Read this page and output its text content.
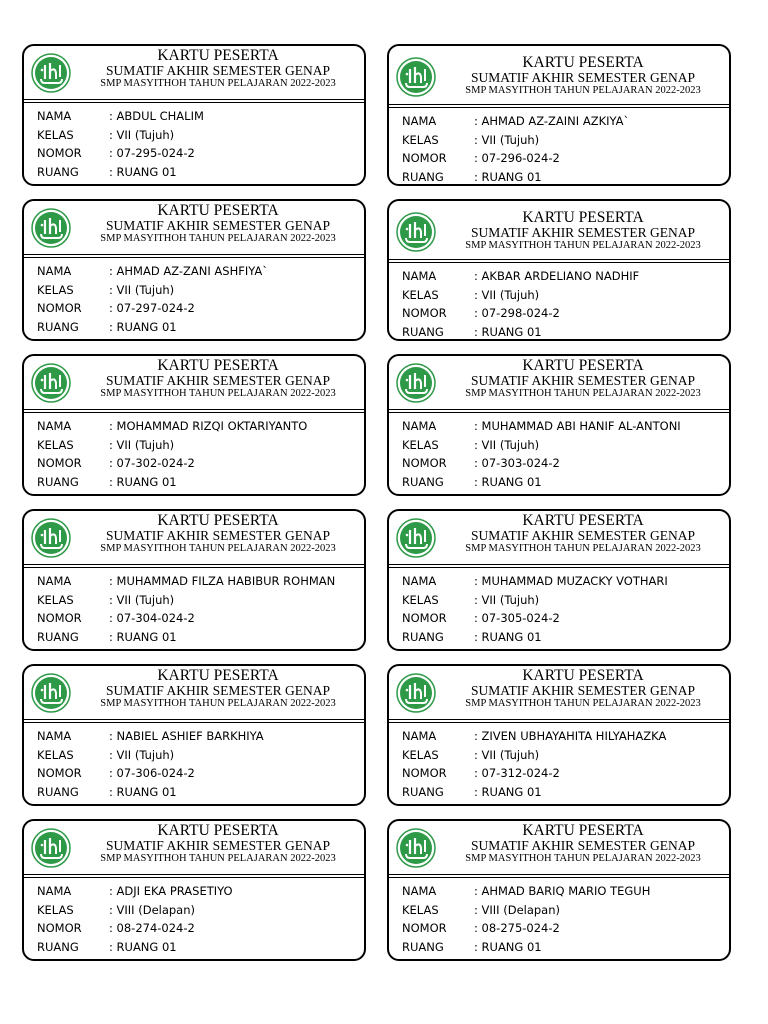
KARTU PESERTA
SUMATIF AKHIR SEMESTER GENAP
SMP MASYITHOH TAHUN PELAJARAN 2022-2023
NAMA	: ABDUL CHALIM
KELAS	: VII (Tujuh)
NOMOR : 07-295-024-2
RUANG	: RUANG 01
KARTU PESERTA
SUMATIF AKHIR SEMESTER GENAP
SMP MASYITHOH TAHUN PELAJARAN 2022-2023
NAMA	: AHMAD AZ-ZAINI AZKIYA`
KELAS	: VII (Tujuh)
NOMOR : 07-296-024-2
RUANG	: RUANG 01
KARTU PESERTA
SUMATIF AKHIR SEMESTER GENAP
SMP MASYITHOH TAHUN PELAJARAN 2022-2023
NAMA	: AHMAD AZ-ZANI ASHFIYA`
KELAS	: VII (Tujuh)
NOMOR : 07-297-024-2
RUANG	: RUANG 01
KARTU PESERTA
SUMATIF AKHIR SEMESTER GENAP
SMP MASYITHOH TAHUN PELAJARAN 2022-2023
NAMA	: AKBAR ARDELIANO NADHIF
KELAS	: VII (Tujuh)
NOMOR : 07-298-024-2
RUANG	: RUANG 01
KARTU PESERTA
SUMATIF AKHIR SEMESTER GENAP
SMP MASYITHOH TAHUN PELAJARAN 2022-2023
NAMA	: MOHAMMAD RIZQI OKTARIYANTO
KELAS	: VII (Tujuh)
NOMOR : 07-302-024-2
RUANG	: RUANG 01
KARTU PESERTA
SUMATIF AKHIR SEMESTER GENAP
SMP MASYITHOH TAHUN PELAJARAN 2022-2023
NAMA	: MUHAMMAD ABI HANIF AL-ANTONI
KELAS	: VII (Tujuh)
NOMOR : 07-303-024-2
RUANG	: RUANG 01
KARTU PESERTA
SUMATIF AKHIR SEMESTER GENAP
SMP MASYITHOH TAHUN PELAJARAN 2022-2023
NAMA	: MUHAMMAD FILZA HABIBUR ROHMAN
KELAS	: VII (Tujuh)
NOMOR : 07-304-024-2
RUANG	: RUANG 01
KARTU PESERTA
SUMATIF AKHIR SEMESTER GENAP
SMP MASYITHOH TAHUN PELAJARAN 2022-2023
NAMA	: MUHAMMAD MUZACKY VOTHARI
KELAS	: VII (Tujuh)
NOMOR : 07-305-024-2
RUANG	: RUANG 01
KARTU PESERTA
SUMATIF AKHIR SEMESTER GENAP
SMP MASYITHOH TAHUN PELAJARAN 2022-2023
NAMA	: NABIEL ASHIEF BARKHIYA
KELAS	: VII (Tujuh)
NOMOR : 07-306-024-2
RUANG	: RUANG 01
KARTU PESERTA
SUMATIF AKHIR SEMESTER GENAP
SMP MASYITHOH TAHUN PELAJARAN 2022-2023
NAMA	: ZIVEN UBHAYAHITA HILYAHAZKA
KELAS	: VII (Tujuh)
NOMOR : 07-312-024-2
RUANG	: RUANG 01
KARTU PESERTA
SUMATIF AKHIR SEMESTER GENAP
SMP MASYITHOH TAHUN PELAJARAN 2022-2023
NAMA	: ADJI EKA PRASETIYO
KELAS	: VIII (Delapan)
NOMOR : 08-274-024-2
RUANG	: RUANG 01
KARTU PESERTA
SUMATIF AKHIR SEMESTER GENAP
SMP MASYITHOH TAHUN PELAJARAN 2022-2023
NAMA	: AHMAD BARIQ MARIO TEGUH
KELAS	: VIII (Delapan)
NOMOR : 08-275-024-2
RUANG	: RUANG 01
